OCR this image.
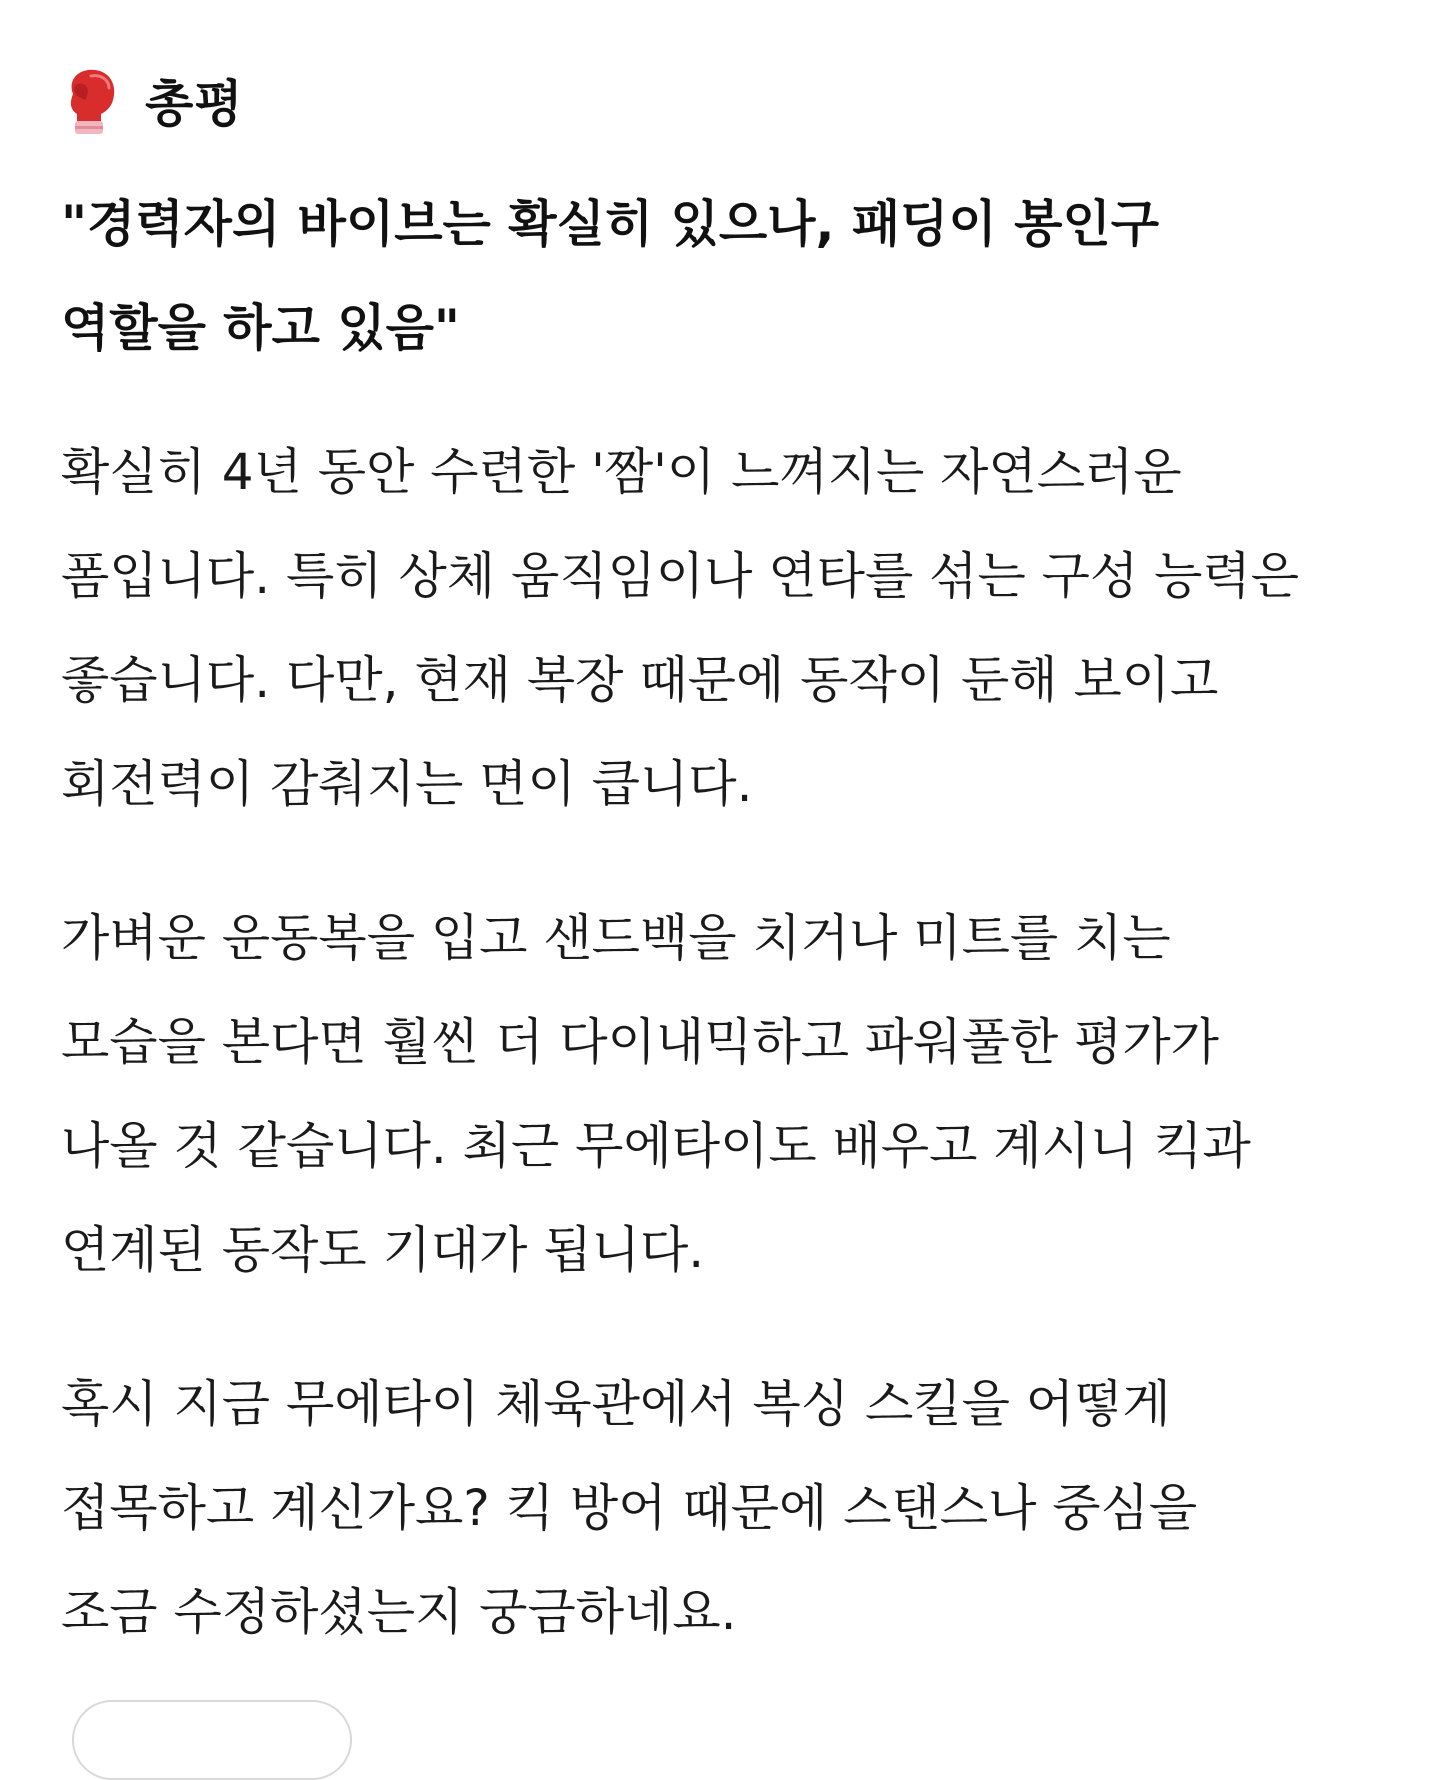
총평

"경력자의 바이브는 확실히 있으나, 패딩이 봉인구
역할을 하고 있음"

확실히 4년 동안 수련한 '짬'이 느껴지는 자연스러운
폼입니다. 특히 상체 움직임이나 연타를 섞는 구성 능력은
좋습니다. 다만, 현재 복장 때문에 동작이 둔해 보이고
회전력이 감춰지는 면이 큽니다.

가벼운 운동복을 입고 샌드백을 치거나 미트를 치는
모습을 본다면 훨씬 더 다이내믹하고 파워풀한 평가가
나올 것 같습니다. 최근 무에타이도 배우고 계시니 킥과
연계된 동작도 기대가 됩니다.

혹시 지금 무에타이 체육관에서 복싱 스킬을 어떻게
접목하고 계신가요? 킥 방어 때문에 스탠스나 중심을
조금 수정하셨는지 궁금하네요.
